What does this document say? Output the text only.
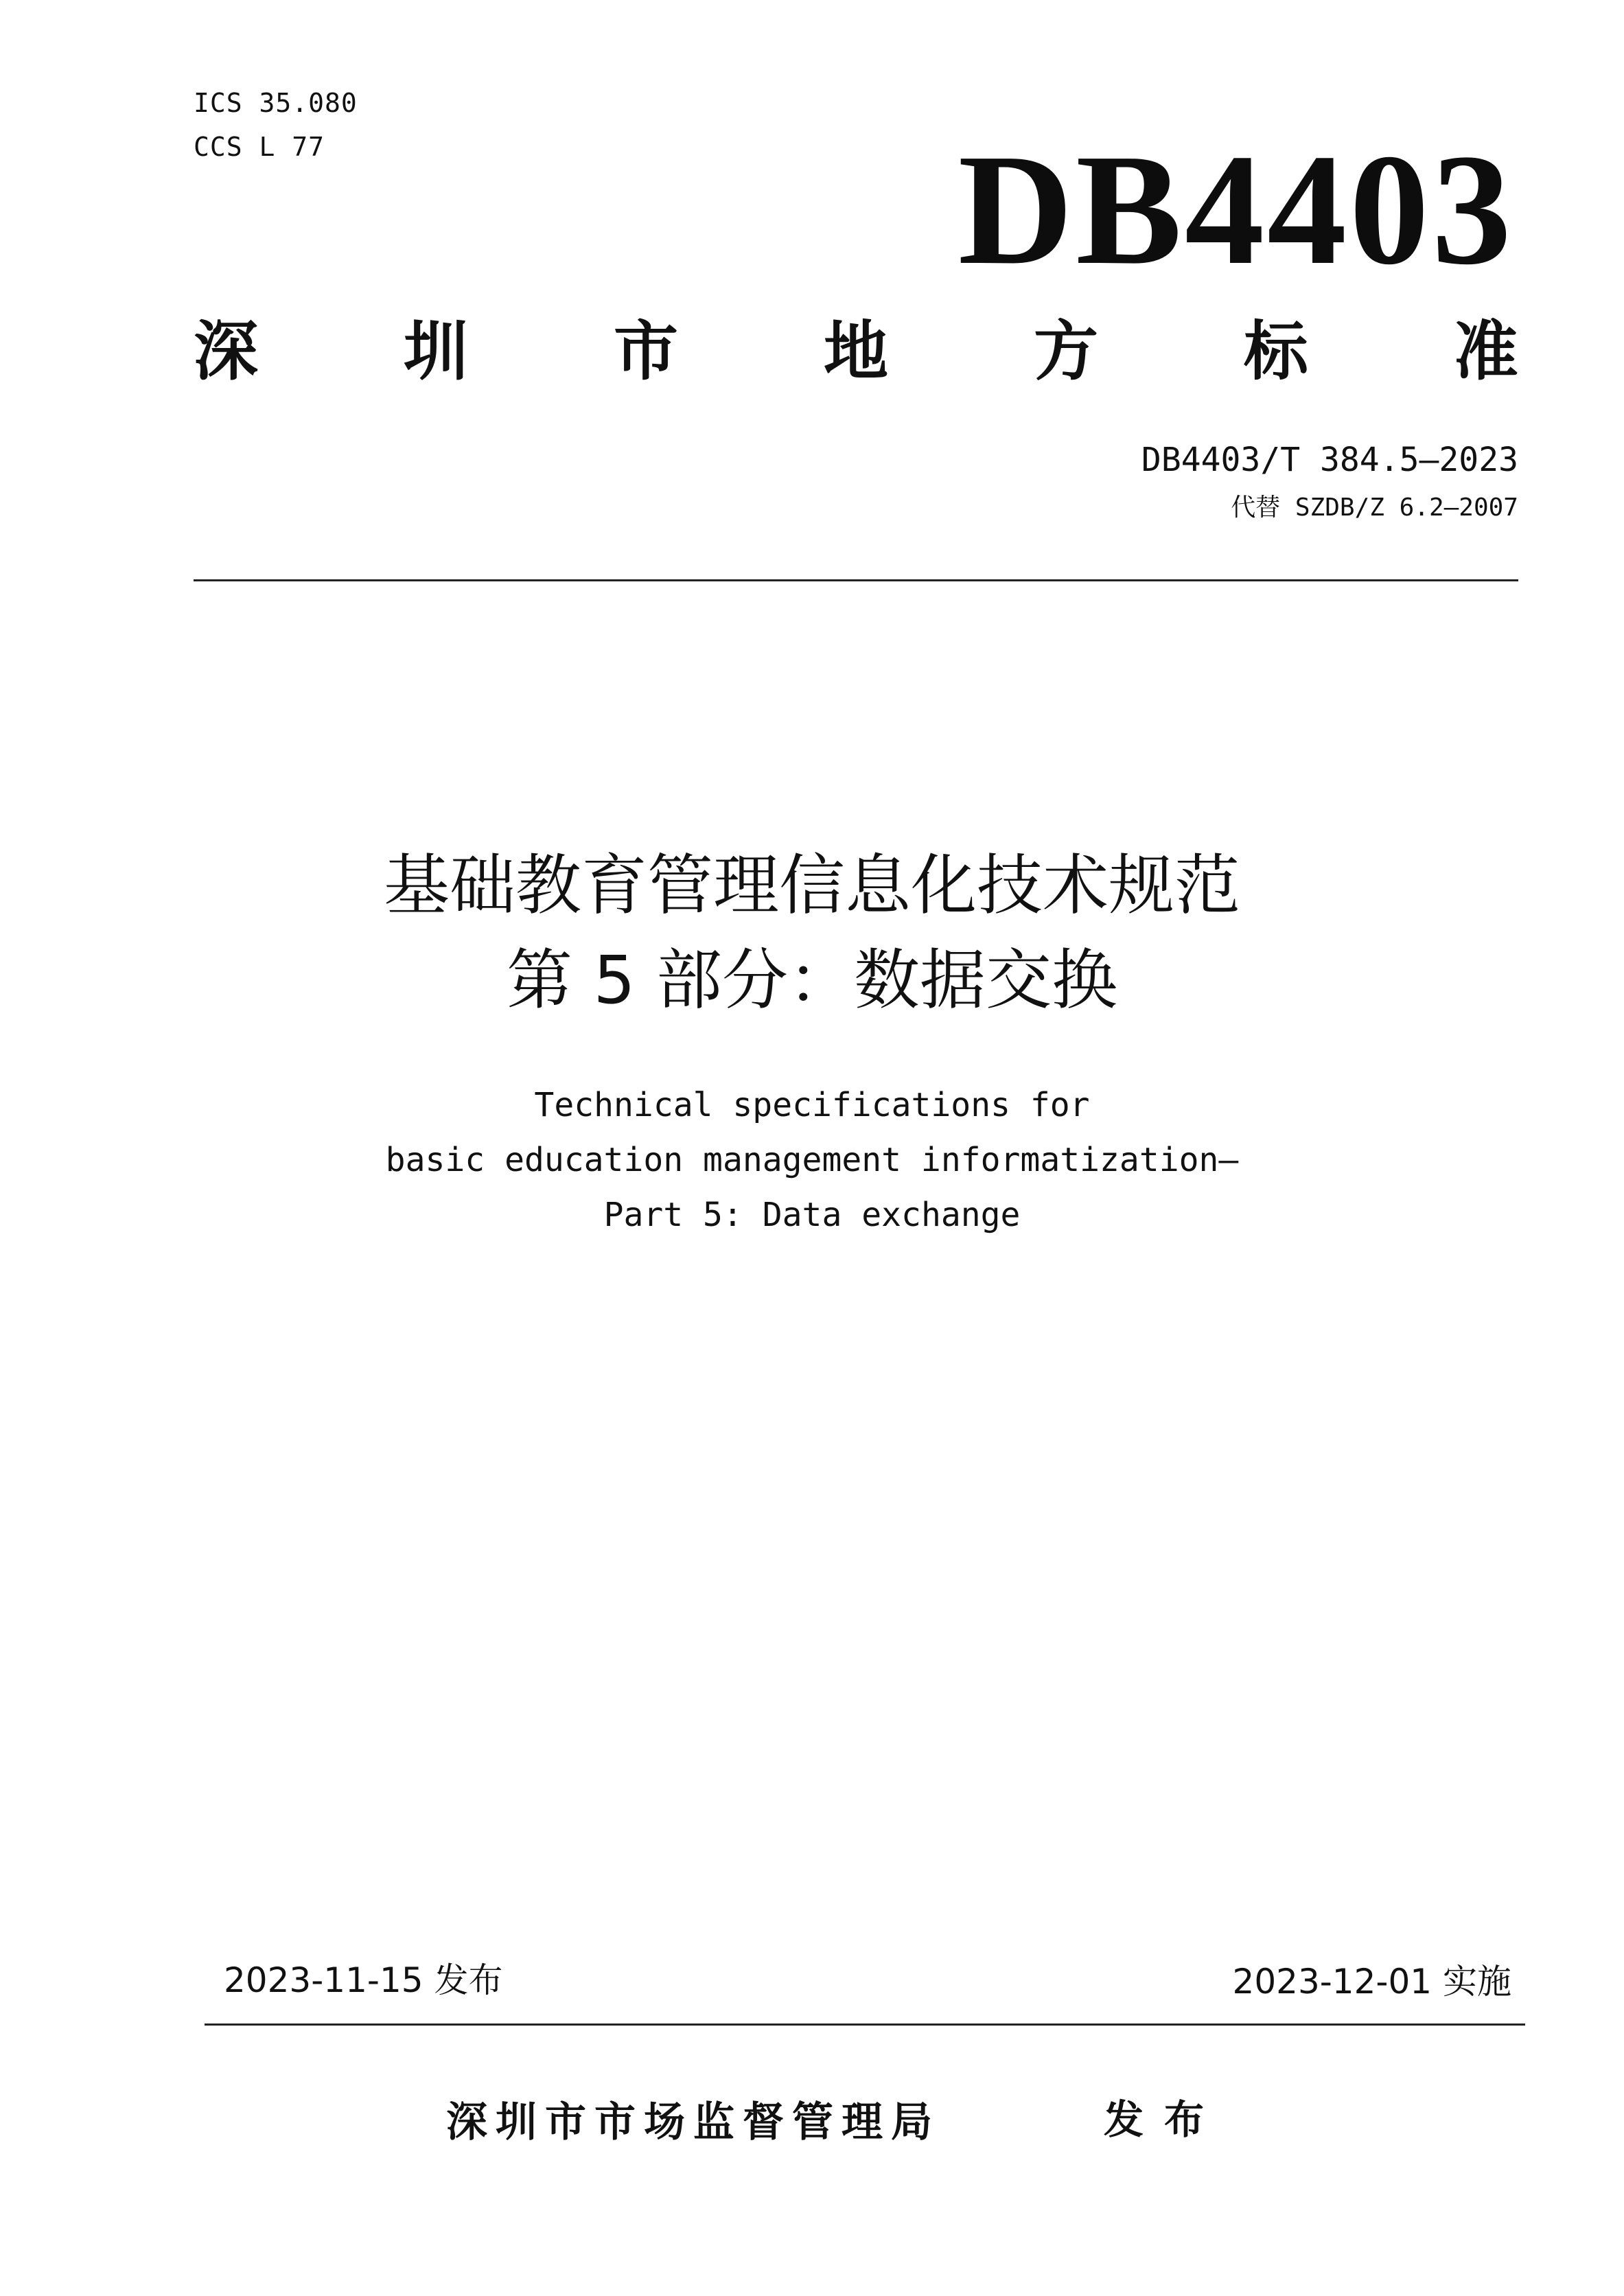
ICS 35.080
CCS L 77	DB4403
深 圳 市 地 方 标 准
DB4403/T 384.5—2023
代替 SZDB/Z 6.2—2007
基础教育管理信息化技术规范
第 5 部分：数据交换
Technical specifications for
basic education management informatization—
Part 5: Data exchange
2023-11-15 发布	2023-12-01 实施
深圳市市场监督管理局	发布
